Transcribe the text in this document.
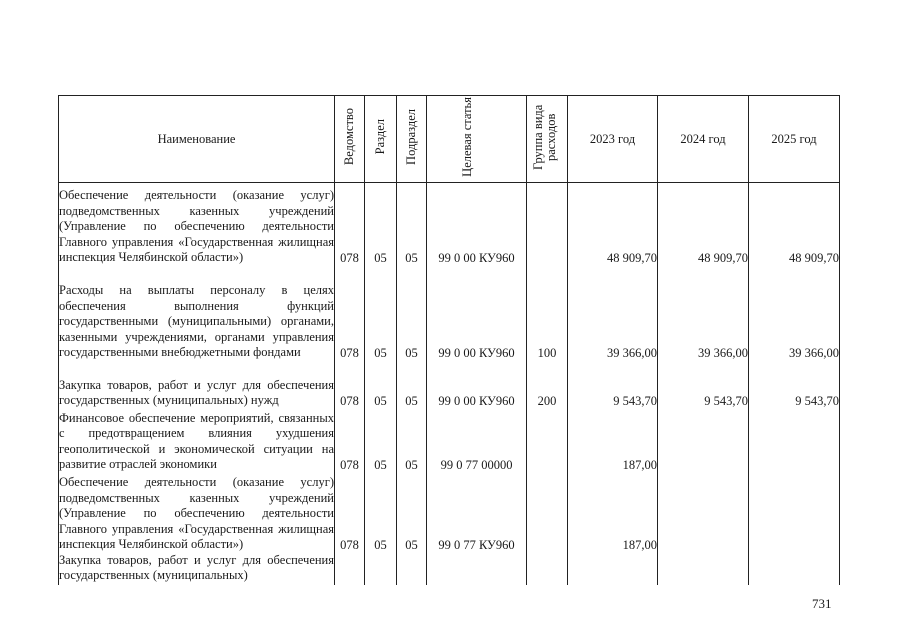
Наименование	Ведомство	Раздел	Подраздел	Целевая статья	Группа вида расходов	2023 год	2024 год	2025 год
Обеспечение деятельности (оказание услуг) подведомственных казенных учреждений (Управление по обеспечению деятельности Главного управления «Государственная жилищная инспекция Челябинской области»)	078	05	05	99 0 00 КУ960		48 909,70	48 909,70	48 909,70
Расходы на выплаты персоналу в целях обеспечения выполнения функций государственными (муниципальными) органами, казенными учреждениями, органами управления государственными внебюджетными фондами	078	05	05	99 0 00 КУ960	100	39 366,00	39 366,00	39 366,00
Закупка товаров, работ и услуг для обеспечения государственных (муниципальных) нужд	078	05	05	99 0 00 КУ960	200	9 543,70	9 543,70	9 543,70
Финансовое обеспечение мероприятий, связанных с предотвращением влияния ухудшения геополитической и экономической ситуации на развитие отраслей экономики	078	05	05	99 0 77 00000		187,00		
Обеспечение деятельности (оказание услуг) подведомственных казенных учреждений (Управление по обеспечению деятельности Главного управления «Государственная жилищная инспекция Челябинской области»)	078	05	05	99 0 77 КУ960		187,00		
Закупка товаров, работ и услуг для обеспечения государственных (муниципальных)								
731
